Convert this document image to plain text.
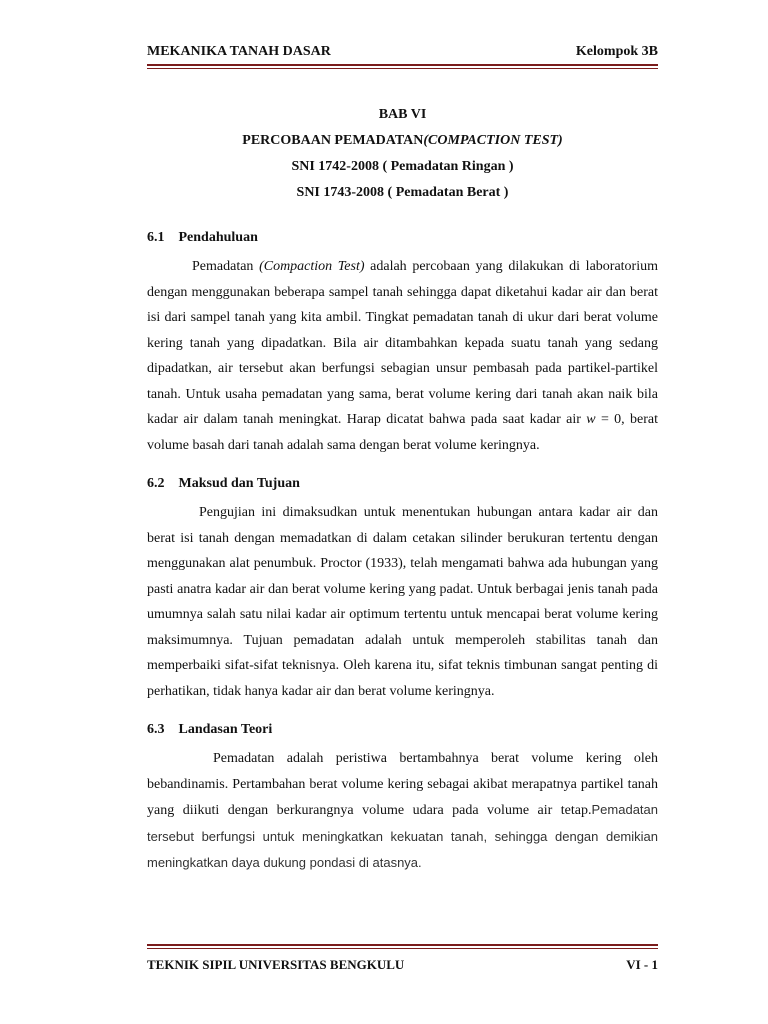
MEKANIKA TANAH DASAR	Kelompok 3B
BAB VI
PERCOBAAN PEMADATAN(COMPACTION TEST)
SNI 1742-2008 ( Pemadatan Ringan )
SNI 1743-2008 ( Pemadatan Berat )
6.1 Pendahuluan

Pemadatan (Compaction Test) adalah percobaan yang dilakukan di laboratorium dengan menggunakan beberapa sampel tanah sehingga dapat diketahui kadar air dan berat isi dari sampel tanah yang kita ambil. Tingkat pemadatan tanah di ukur dari berat volume kering tanah yang dipadatkan. Bila air ditambahkan kepada suatu tanah yang sedang dipadatkan, air tersebut akan berfungsi sebagian unsur pembasah pada partikel-partikel tanah. Untuk usaha pemadatan yang sama, berat volume kering dari tanah akan naik bila kadar air dalam tanah meningkat. Harap dicatat bahwa pada saat kadar air w = 0, berat volume basah dari tanah adalah sama dengan berat volume keringnya.

6.2 Maksud dan Tujuan

Pengujian ini dimaksudkan untuk menentukan hubungan antara kadar air dan berat isi tanah dengan memadatkan di dalam cetakan silinder berukuran tertentu dengan menggunakan alat penumbuk. Proctor (1933), telah mengamati bahwa ada hubungan yang pasti anatra kadar air dan berat volume kering yang padat. Untuk berbagai jenis tanah pada umumnya salah satu nilai kadar air optimum tertentu untuk mencapai berat volume kering maksimumnya. Tujuan pemadatan adalah untuk memperoleh stabilitas tanah dan memperbaiki sifat-sifat teknisnya. Oleh karena itu, sifat teknis timbunan sangat penting di perhatikan, tidak hanya kadar air dan berat volume keringnya.

6.3 Landasan Teori

Pemadatan adalah peristiwa bertambahnya berat volume kering oleh bebandinamis. Pertambahan berat volume kering sebagai akibat merapatnya partikel tanah yang diikuti dengan berkurangnya volume udara pada volume air tetap.Pemadatan tersebut berfungsi untuk meningkatkan kekuatan tanah, sehingga dengan demikian meningkatkan daya dukung pondasi di atasnya.

TEKNIK SIPIL UNIVERSITAS BENGKULU	VI - 1
